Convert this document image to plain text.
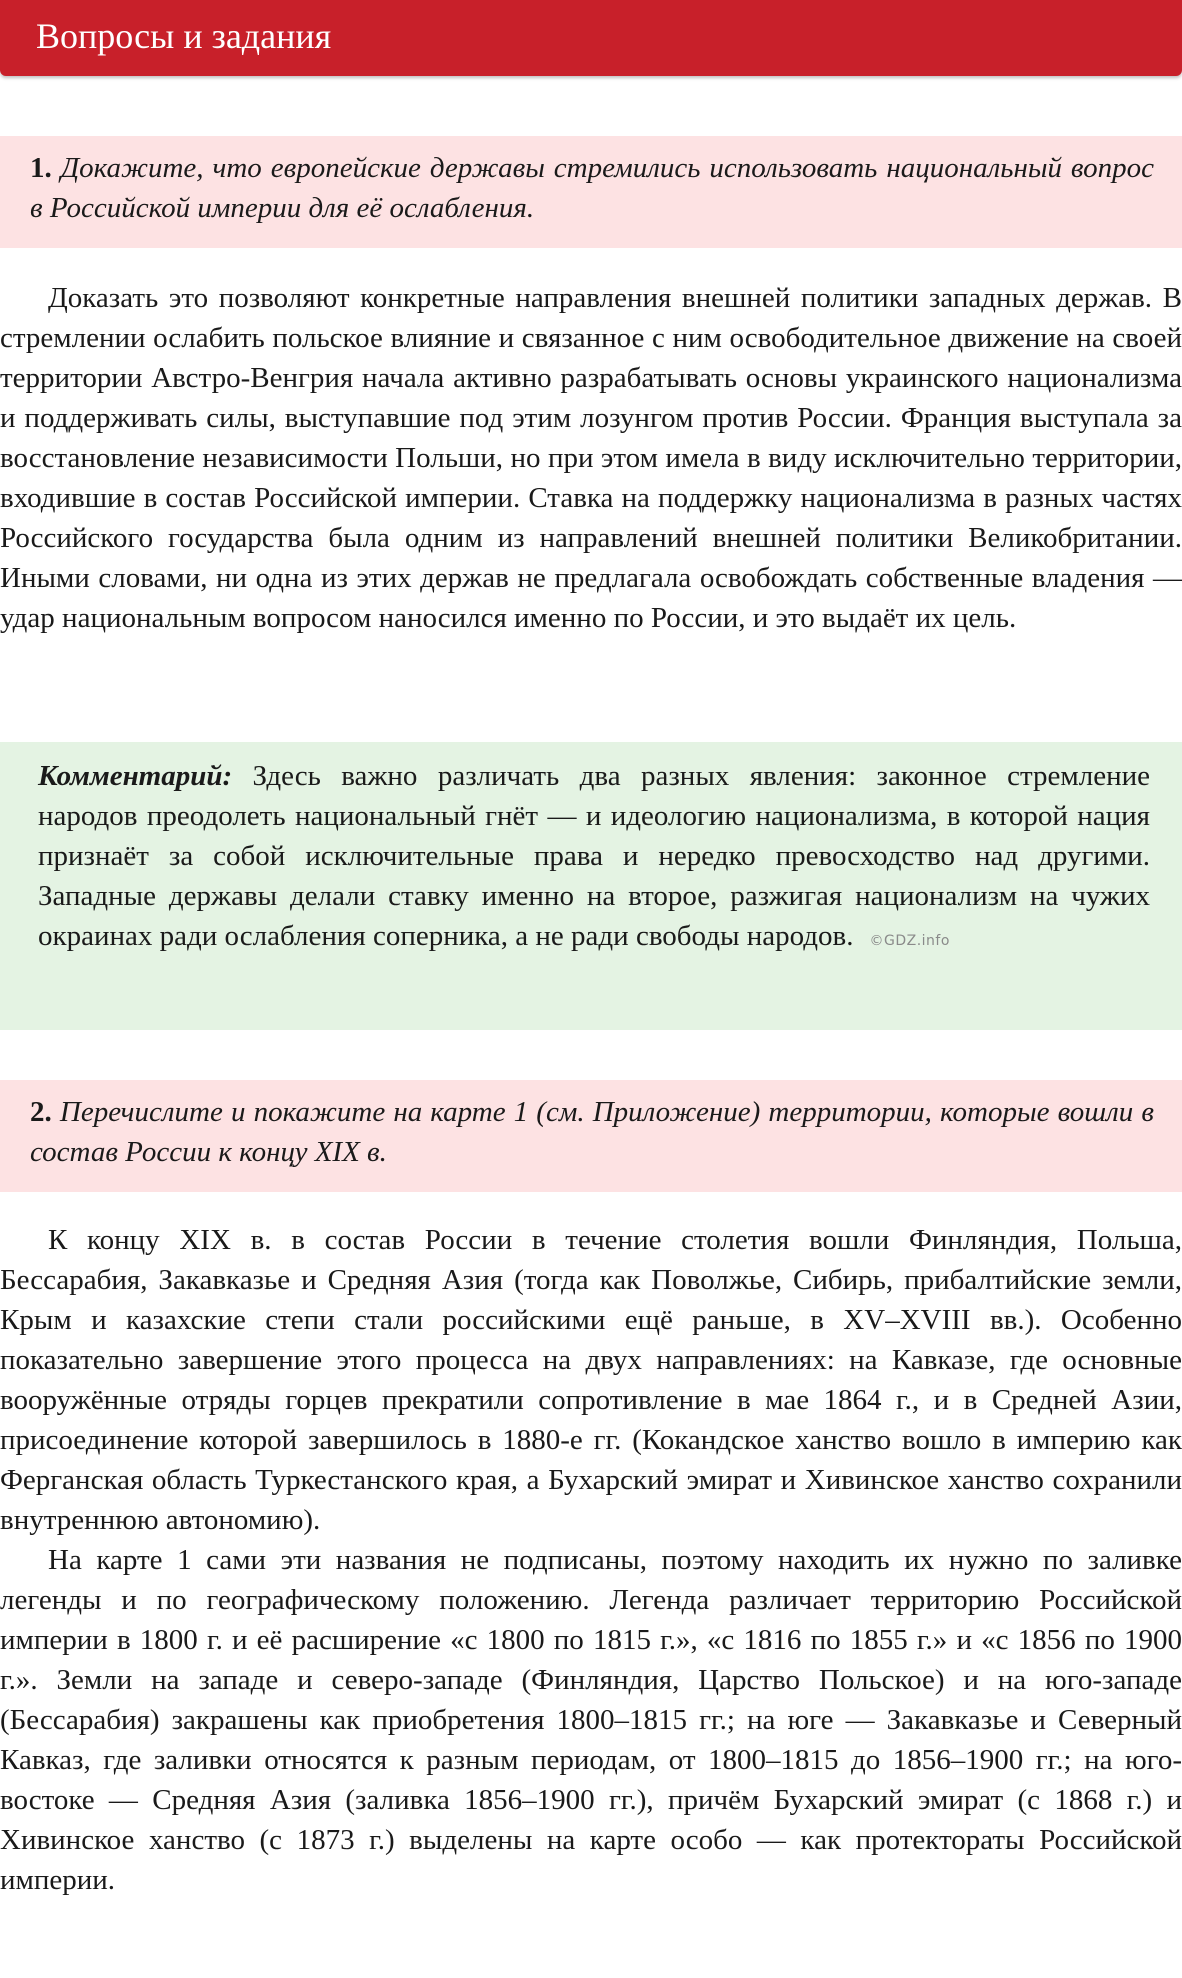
Вопросы и задания

1. Докажите, что европейские державы стремились использовать национальный вопрос в Российской империи для её ослабления.

Доказать это позволяют конкретные направления внешней политики западных держав. В стремлении ослабить польское влияние и связанное с ним освободительное движение на своей территории Австро-Венгрия начала активно разрабатывать основы украинского национализма и поддерживать силы, выступавшие под этим лозунгом против России. Франция выступала за восстановление независимости Польши, но при этом имела в виду исключительно территории, входившие в состав Российской империи. Ставка на поддержку национализма в разных частях Российского государства была одним из направлений внешней политики Великобритании. Иными словами, ни одна из этих держав не предлагала освобождать собственные владения — удар национальным вопросом наносился именно по России, и это выдаёт их цель.

Комментарий: Здесь важно различать два разных явления: законное стремление народов преодолеть национальный гнёт — и идеологию национализма, в которой нация признаёт за собой исключительные права и нередко превосходство над другими. Западные державы делали ставку именно на второе, разжигая национализм на чужих окраинах ради ослабления соперника, а не ради свободы народов. ©GDZ.info

2. Перечислите и покажите на карте 1 (см. Приложение) территории, которые вошли в состав России к концу XIX в.

К концу XIX в. в состав России в течение столетия вошли Финляндия, Польша, Бессарабия, Закавказье и Средняя Азия (тогда как Поволжье, Сибирь, прибалтийские земли, Крым и казахские степи стали российскими ещё раньше, в XV–XVIII вв.). Особенно показательно завершение этого процесса на двух направлениях: на Кавказе, где основные вооружённые отряды горцев прекратили сопротивление в мае 1864 г., и в Средней Азии, присоединение которой завершилось в 1880-е гг. (Кокандское ханство вошло в империю как Ферганская область Туркестанского края, а Бухарский эмират и Хивинское ханство сохранили внутреннюю автономию).

На карте 1 сами эти названия не подписаны, поэтому находить их нужно по заливке легенды и по географическому положению. Легенда различает территорию Российской империи в 1800 г. и её расширение «с 1800 по 1815 г.», «с 1816 по 1855 г.» и «с 1856 по 1900 г.». Земли на западе и северо-западе (Финляндия, Царство Польское) и на юго-западе (Бессарабия) закрашены как приобретения 1800–1815 гг.; на юге — Закавказье и Северный Кавказ, где заливки относятся к разным периодам, от 1800–1815 до 1856–1900 гг.; на юго-востоке — Средняя Азия (заливка 1856–1900 гг.), причём Бухарский эмират (с 1868 г.) и Хивинское ханство (с 1873 г.) выделены на карте особо — как протектораты Российской империи.
